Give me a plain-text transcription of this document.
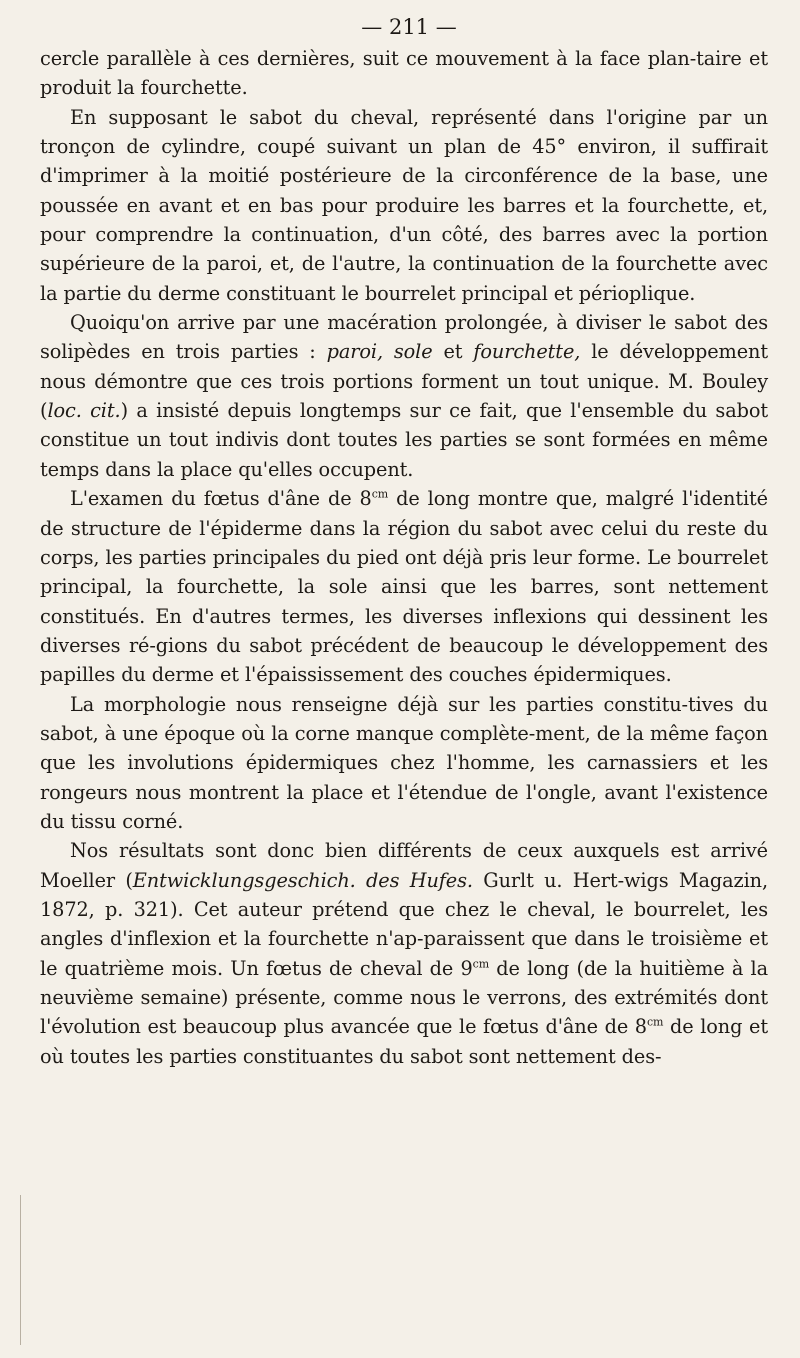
— 211 —

cercle parallèle à ces dernières, suit ce mouvement à la face plan-taire et produit la fourchette.

En supposant le sabot du cheval, représenté dans l'origine par un tronçon de cylindre, coupé suivant un plan de 45° environ, il suffirait d'imprimer à la moitié postérieure de la circonférence de la base, une poussée en avant et en bas pour produire les barres et la fourchette, et, pour comprendre la continuation, d'un côté, des barres avec la portion supérieure de la paroi, et, de l'autre, la continuation de la fourchette avec la partie du derme constituant le bourrelet principal et périoplique.

Quoiqu'on arrive par une macération prolongée, à diviser le sabot des solipèdes en trois parties : paroi, sole et fourchette, le développement nous démontre que ces trois portions forment un tout unique. M. Bouley (loc. cit.) a insisté depuis longtemps sur ce fait, que l'ensemble du sabot constitue un tout indivis dont toutes les parties se sont formées en même temps dans la place qu'elles occupent.

L'examen du fœtus d'âne de $8^{cm}$ de long montre que, malgré l'identité de structure de l'épiderme dans la région du sabot avec celui du reste du corps, les parties principales du pied ont déjà pris leur forme. Le bourrelet principal, la fourchette, la sole ainsi que les barres, sont nettement constitués. En d'autres termes, les diverses inflexions qui dessinent les diverses ré-gions du sabot précédent de beaucoup le développement des papilles du derme et l'épaississement des couches épidermiques.

La morphologie nous renseigne déjà sur les parties constitu-tives du sabot, à une époque où la corne manque complète-ment, de la même façon que les involutions épidermiques chez l'homme, les carnassiers et les rongeurs nous montrent la place et l'étendue de l'ongle, avant l'existence du tissu corné.

Nos résultats sont donc bien différents de ceux auxquels est arrivé Moeller (Entwicklungsgeschich. des Hufes. Gurlt u. Hert-wigs Magazin, 1872, p. 321). Cet auteur prétend que chez le cheval, le bourrelet, les angles d'inflexion et la fourchette n'ap-paraissent que dans le troisième et le quatrième mois. Un fœtus de cheval de $9^{cm}$ de long (de la huitième à la neuvième semaine) présente, comme nous le verrons, des extrémités dont l'évolution est beaucoup plus avancée que le fœtus d'âne de $8^{cm}$ de long et où toutes les parties constituantes du sabot sont nettement des-
